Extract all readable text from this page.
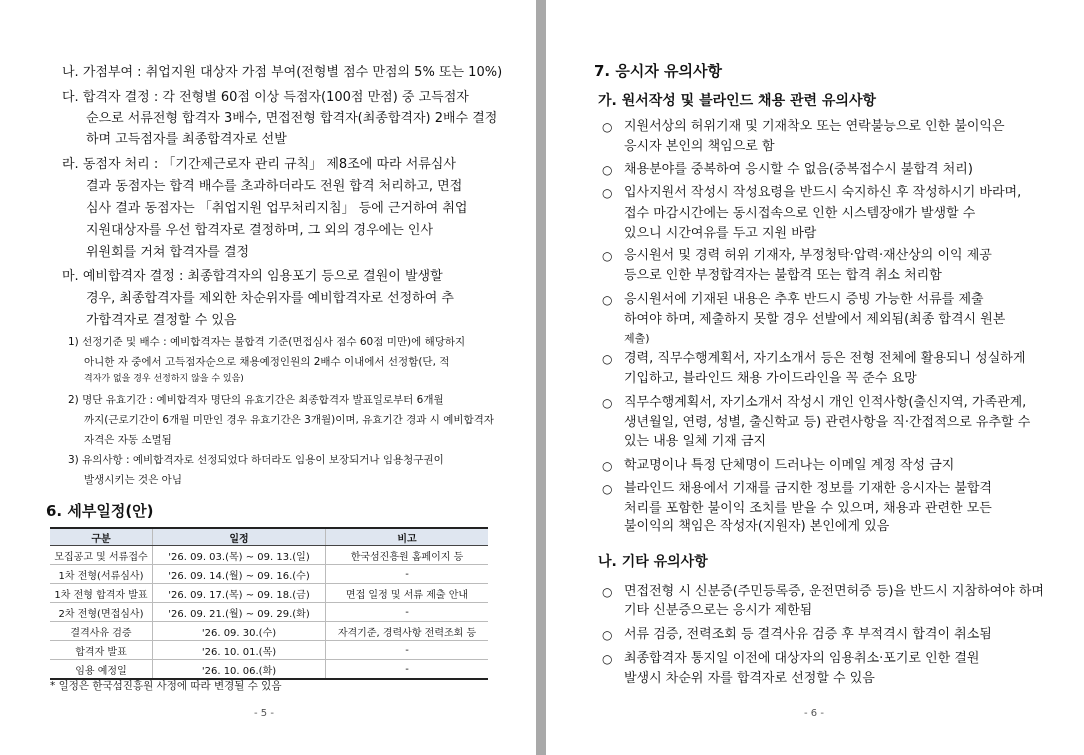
나. 가점부여 : 취업지원 대상자 가점 부여(전형별 점수 만점의 5% 또는 10%)
다. 합격자 결정 : 각 전형별 60점 이상 득점자(100점 만점) 중 고득점자
순으로 서류전형 합격자 3배수, 면접전형 합격자(최종합격자) 2배수 결정
하며 고득점자를 최종합격자로 선발
라. 동점자 처리 : 「기간제근로자 관리 규칙」 제8조에 따라 서류심사
결과 동점자는 합격 배수를 초과하더라도 전원 합격 처리하고, 면접
심사 결과 동점자는 「취업지원 업무처리지침」 등에 근거하여 취업
지원대상자를 우선 합격자로 결정하며, 그 외의 경우에는 인사
위원회를 거쳐 합격자를 결정
마. 예비합격자 결정 : 최종합격자의 임용포기 등으로 결원이 발생할
경우, 최종합격자를 제외한 차순위자를 예비합격자로 선정하여 추
가합격자로 결정할 수 있음
1) 선정기준 및 배수 : 예비합격자는 불합격 기준(면접심사 점수 60점 미만)에 해당하지
아니한 자 중에서 고득점자순으로 채용예정인원의 2배수 이내에서 선정함(단, 적
격자가 없을 경우 선정하지 않을 수 있음)
2) 명단 유효기간 : 예비합격자 명단의 유효기간은 최종합격자 발표일로부터 6개월
까지(근로기간이 6개월 미만인 경우 유효기간은 3개월)이며, 유효기간 경과 시 예비합격자
자격은 자동 소멸됨
3) 유의사항 : 예비합격자로 선정되었다 하더라도 임용이 보장되거나 임용청구권이
발생시키는 것은 아님
6. 세부일정(안)
구분	일정	비고
모집공고 및 서류접수	'26. 09. 03.(목) ~ 09. 13.(일)	한국섬진흥원 홈페이지 등
1차 전형(서류심사)	'26. 09. 14.(월) ~ 09. 16.(수)	-
1차 전형 합격자 발표	'26. 09. 17.(목) ~ 09. 18.(금)	면접 일정 및 서류 제출 안내
2차 전형(면접심사)	'26. 09. 21.(월) ~ 09. 29.(화)	-
결격사유 검증	'26. 09. 30.(수)	자격기준, 경력사항 전력조회 등
합격자 발표	'26. 10. 01.(목)	-
임용 예정일	'26. 10. 06.(화)	-
* 일정은 한국섬진흥원 사정에 따라 변경될 수 있음
- 5 -
7. 응시자 유의사항
가. 원서작성 및 블라인드 채용 관련 유의사항
○ 지원서상의 허위기재 및 기재착오 또는 연락불능으로 인한 불이익은
응시자 본인의 책임으로 함
○ 채용분야를 중복하여 응시할 수 없음(중복접수시 불합격 처리)
○ 입사지원서 작성시 작성요령을 반드시 숙지하신 후 작성하시기 바라며,
접수 마감시간에는 동시접속으로 인한 시스템장애가 발생할 수
있으니 시간여유를 두고 지원 바람
○ 응시원서 및 경력 허위 기재자, 부정청탁·압력·재산상의 이익 제공
등으로 인한 부정합격자는 불합격 또는 합격 취소 처리함
○ 응시원서에 기재된 내용은 추후 반드시 증빙 가능한 서류를 제출
하여야 하며, 제출하지 못할 경우 선발에서 제외됨(최종 합격시 원본
제출)
○ 경력, 직무수행계획서, 자기소개서 등은 전형 전체에 활용되니 성실하게
기입하고, 블라인드 채용 가이드라인을 꼭 준수 요망
○ 직무수행계획서, 자기소개서 작성시 개인 인적사항(출신지역, 가족관계,
생년월일, 연령, 성별, 출신학교 등) 관련사항을 직·간접적으로 유추할 수
있는 내용 일체 기재 금지
○ 학교명이나 특정 단체명이 드러나는 이메일 계정 작성 금지
○ 블라인드 채용에서 기재를 금지한 정보를 기재한 응시자는 불합격
처리를 포함한 불이익 조치를 받을 수 있으며, 채용과 관련한 모든
불이익의 책임은 작성자(지원자) 본인에게 있음
나. 기타 유의사항
○ 면접전형 시 신분증(주민등록증, 운전면허증 등)을 반드시 지참하여야 하며
기타 신분증으로는 응시가 제한됨
○ 서류 검증, 전력조회 등 결격사유 검증 후 부적격시 합격이 취소됨
○ 최종합격자 통지일 이전에 대상자의 임용취소·포기로 인한 결원
발생시 차순위 자를 합격자로 선정할 수 있음
- 6 -
